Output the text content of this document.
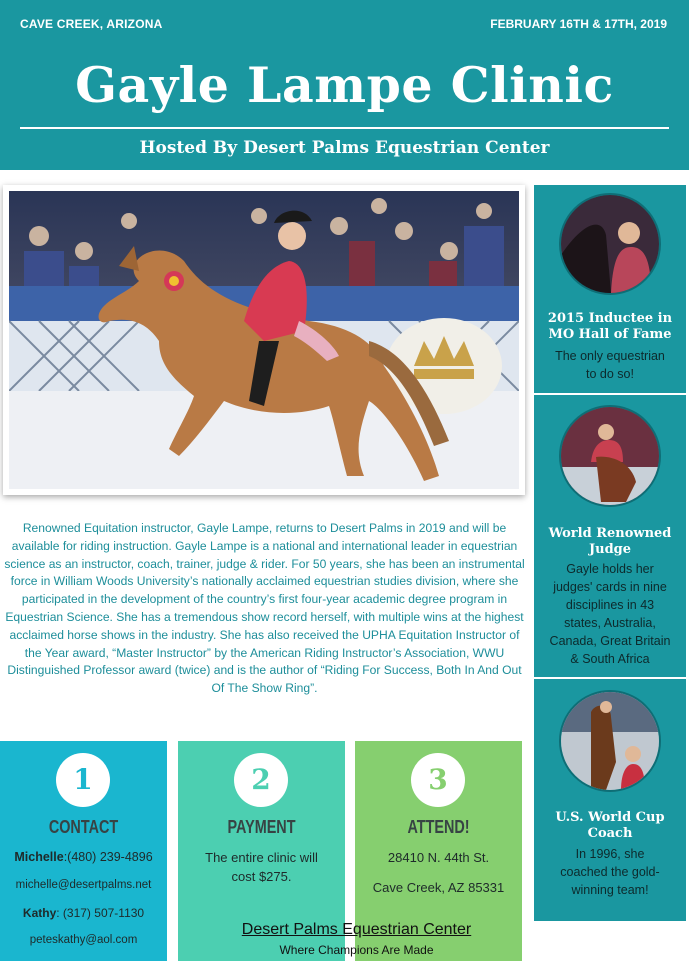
CAVE CREEK, ARIZONA	FEBRUARY 16TH & 17TH, 2019
Gayle Lampe Clinic
Hosted By Desert Palms Equestrian Center
Renowned Equitation instructor, Gayle Lampe, returns to Desert Palms in 2019 and will be available for riding instruction. Gayle Lampe is a national and international leader in equestrian science as an instructor, coach, trainer, judge & rider. For 50 years, she has been an instrumental force in William Woods University’s nationally acclaimed equestrian studies division, where she participated in the development of the country’s first four-year academic degree program in Equestrian Science. She has a tremendous show record herself, with multiple wins at the highest acclaimed horse shows in the industry. She has also received the UPHA Equitation Instructor of the Year award, “Master Instructor” by the American Riding Instructor’s Association, WWU Distinguished Professor award (twice) and is the author of “Riding For Success, Both In And Out Of The Show Ring”.
1
CONTACT
Michelle:(480) 239-4896
michelle@desertpalms.net
Kathy: (317) 507-1130
peteskathy@aol.com
2
PAYMENT
The entire clinic will
cost $275.
3
ATTEND!
28410 N. 44th St.
Cave Creek, AZ 85331
Desert Palms Equestrian Center
Where Champions Are Made
2015 Inductee in
MO Hall of Fame
The only equestrian
to do so!
World Renowned
Judge
Gayle holds her
judges' cards in nine
disciplines in 43
states, Australia,
Canada, Great Britain
& South Africa
U.S. World Cup
Coach
In 1996, she
coached the gold-
winning team!
